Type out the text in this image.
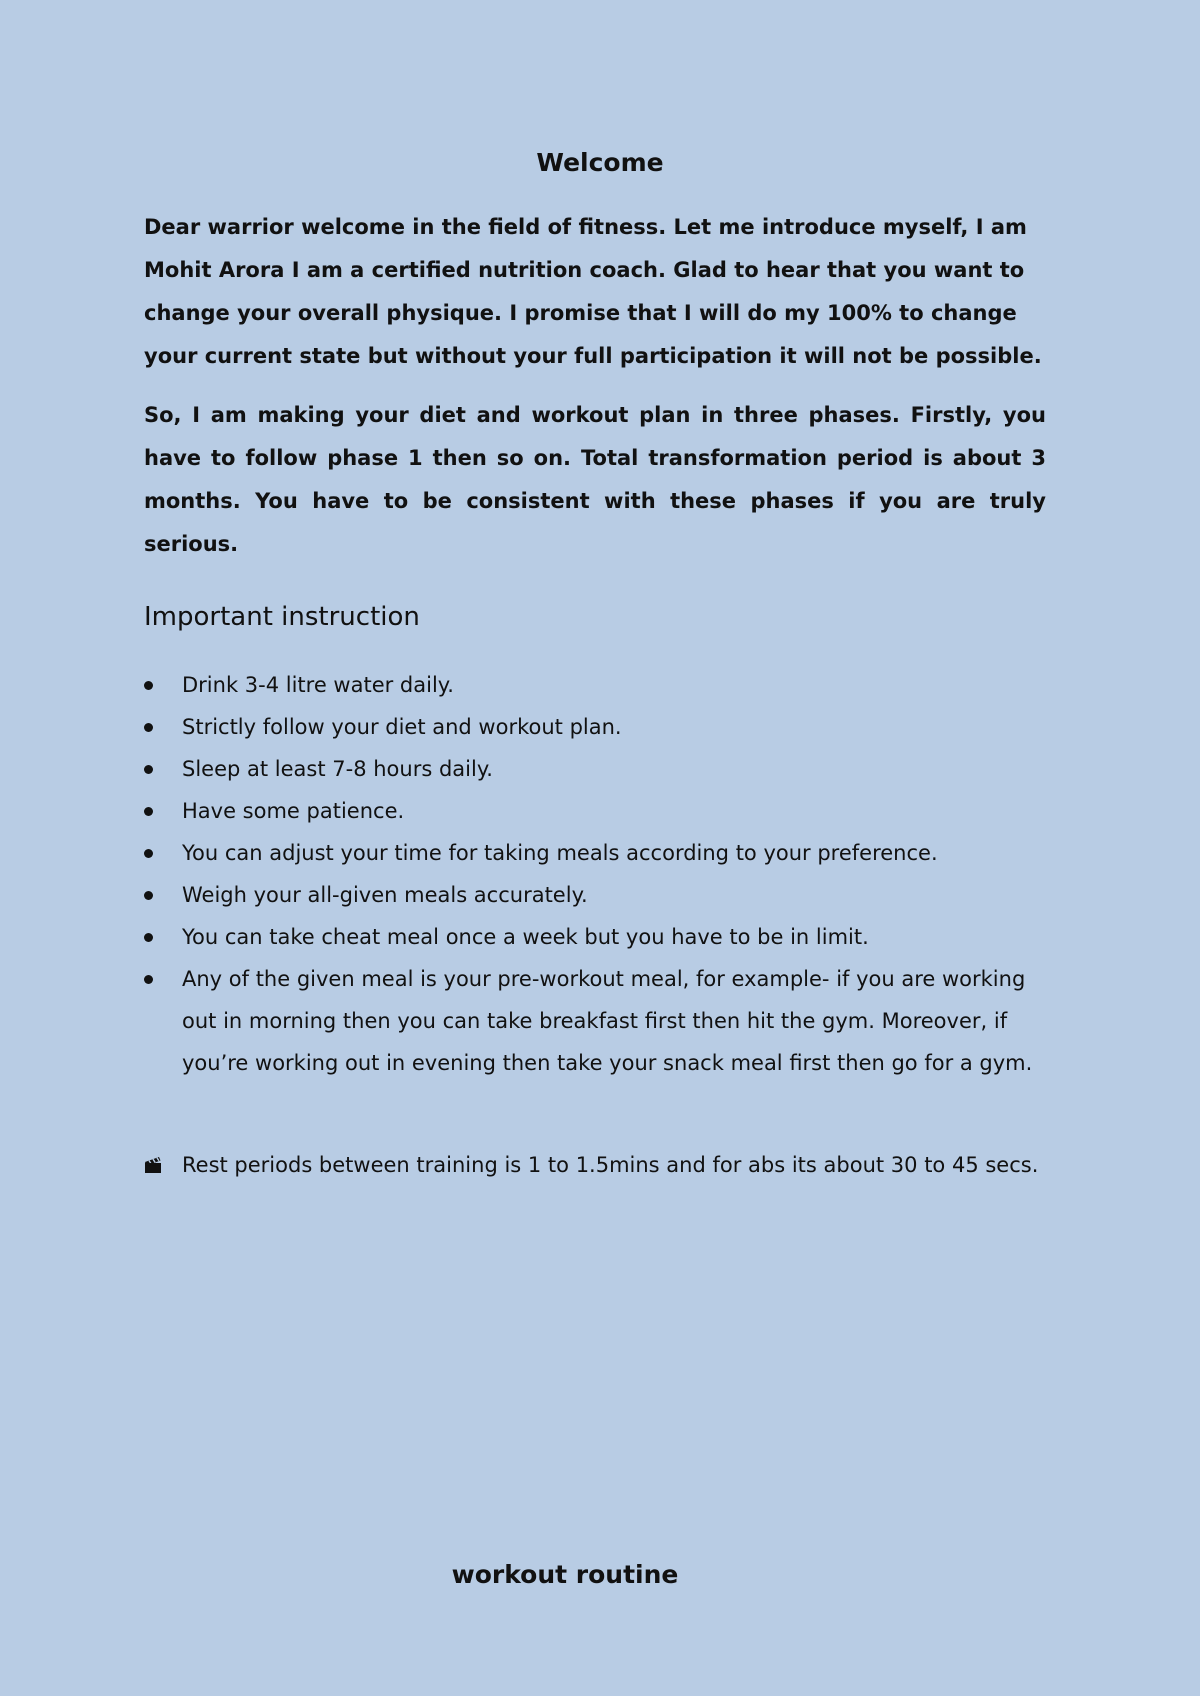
Welcome

Dear warrior welcome in the field of fitness. Let me introduce myself, I am Mohit Arora I am a certified nutrition coach. Glad to hear that you want to change your overall physique. I promise that I will do my 100% to change your current state but without your full participation it will not be possible.

So, I am making your diet and workout plan in three phases. Firstly, you have to follow phase 1 then so on. Total transformation period is about 3 months. You have to be consistent with these phases if you are truly serious.

Important instruction
Drink 3-4 litre water daily.
Strictly follow your diet and workout plan.
Sleep at least 7-8 hours daily.
Have some patience.
You can adjust your time for taking meals according to your preference.
Weigh your all-given meals accurately.
You can take cheat meal once a week but you have to be in limit.
Any of the given meal is your pre-workout meal, for example- if you are working out in morning then you can take breakfast first then hit the gym. Moreover, if you’re working out in evening then take your snack meal first then go for a gym.

Rest periods between training is 1 to 1.5mins and for abs its about 30 to 45 secs.

workout routine
